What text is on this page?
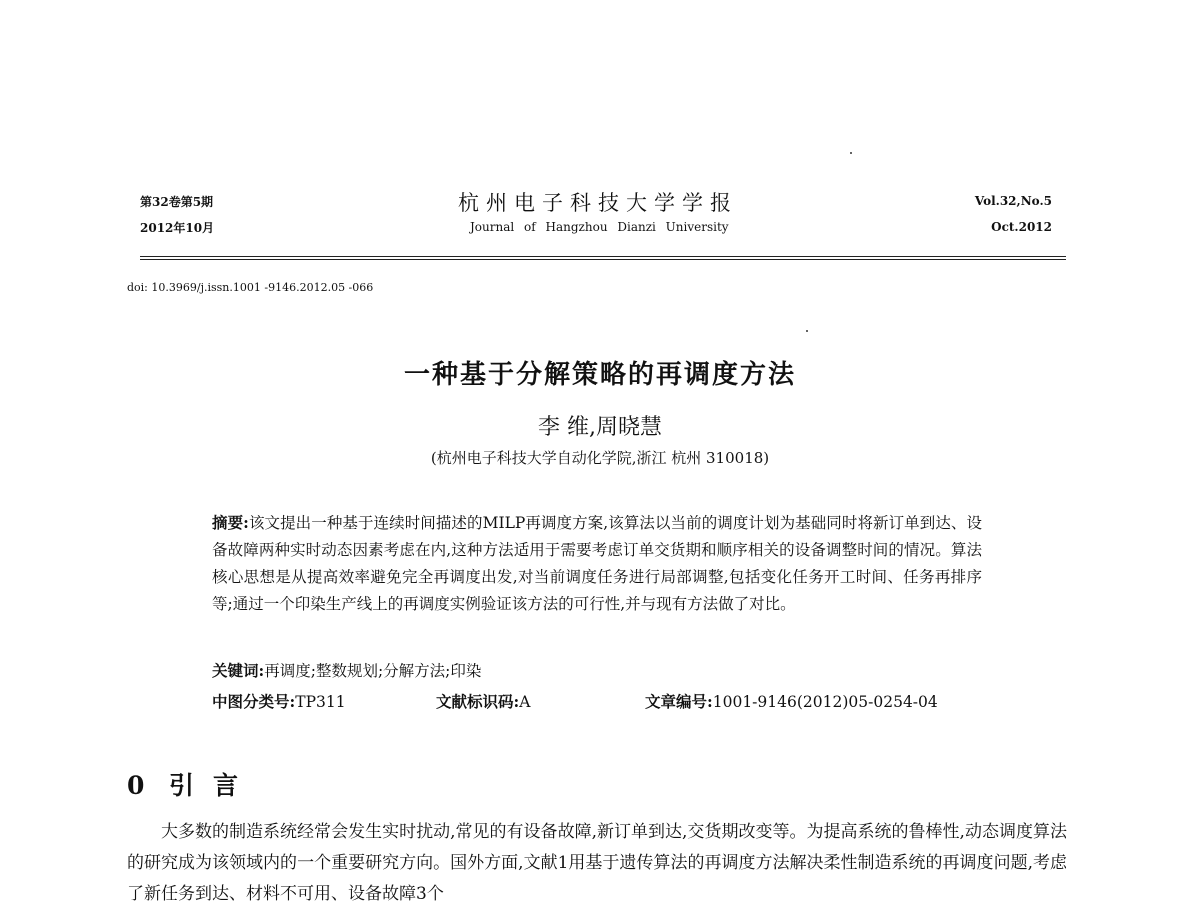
第32卷第5期
2012年10月
杭州电子科技大学学报
Journal of Hangzhou Dianzi University
Vol.32,No.5
Oct.2012
doi: 10.3969/j.issn.1001 -9146.2012.05 -066
一种基于分解策略的再调度方法
李 维,周晓慧
(杭州电子科技大学自动化学院,浙江 杭州 310018)
摘要:该文提出一种基于连续时间描述的MILP再调度方案,该算法以当前的调度计划为基础同时将新订单到达、设备故障两种实时动态因素考虑在内,这种方法适用于需要考虑订单交货期和顺序相关的设备调整时间的情况。算法核心思想是从提高效率避免完全再调度出发,对当前调度任务进行局部调整,包括变化任务开工时间、任务再排序等;通过一个印染生产线上的再调度实例验证该方法的可行性,并与现有方法做了对比。
关键词:再调度;整数规划;分解方法;印染
中图分类号:TP311	文献标识码:A	文章编号:1001-9146(2012)05-0254-04
0 引 言
大多数的制造系统经常会发生实时扰动,常见的有设备故障,新订单到达,交货期改变等。为提高系统的鲁棒性,动态调度算法的研究成为该领域内的一个重要研究方向。国外方面,文献1用基于遗传算法的再调度方法解决柔性制造系统的再调度问题,考虑了新任务到达、材料不可用、设备故障3个
